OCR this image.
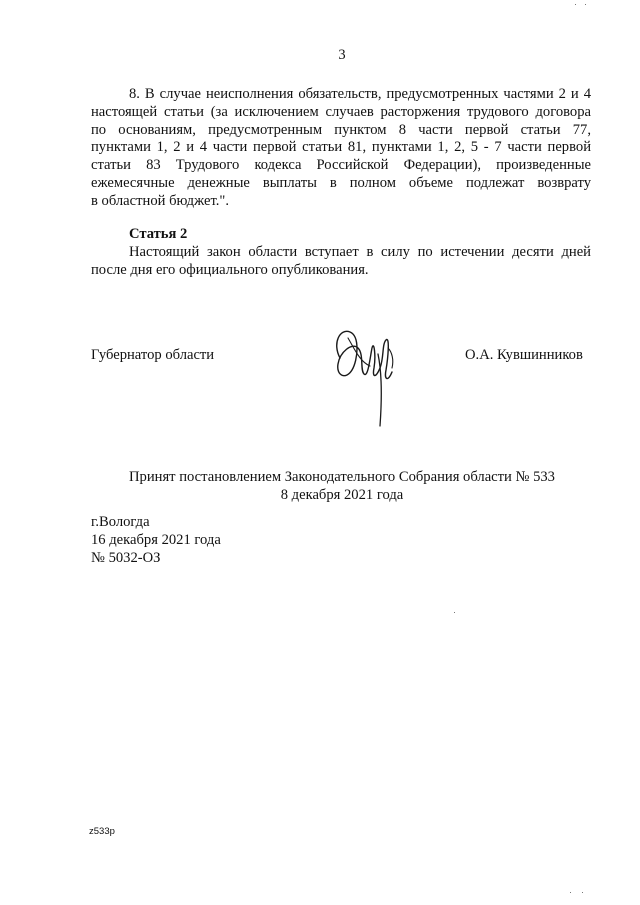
3

8. В случае неисполнения обязательств, предусмотренных частями 2 и 4

настоящей статьи (за исключением случаев расторжения трудового договора

по основаниям, предусмотренным пунктом 8 части первой статьи 77,

пунктами 1, 2 и 4 части первой статьи 81, пунктами 1, 2, 5 - 7 части первой

статьи 83 Трудового кодекса Российской Федерации), произведенные

ежемесячные денежные выплаты в полном объеме подлежат возврату

в областной бюджет.".

Статья 2

Настоящий закон области вступает в силу по истечении десяти дней

после дня его официального опубликования.

Губернатор области	О.А. Кувшинников
Принят постановлением Законодательного Собрания области № 533
8 декабря 2021 года
г.Вологда
16 декабря 2021 года
№ 5032-ОЗ
z533p
